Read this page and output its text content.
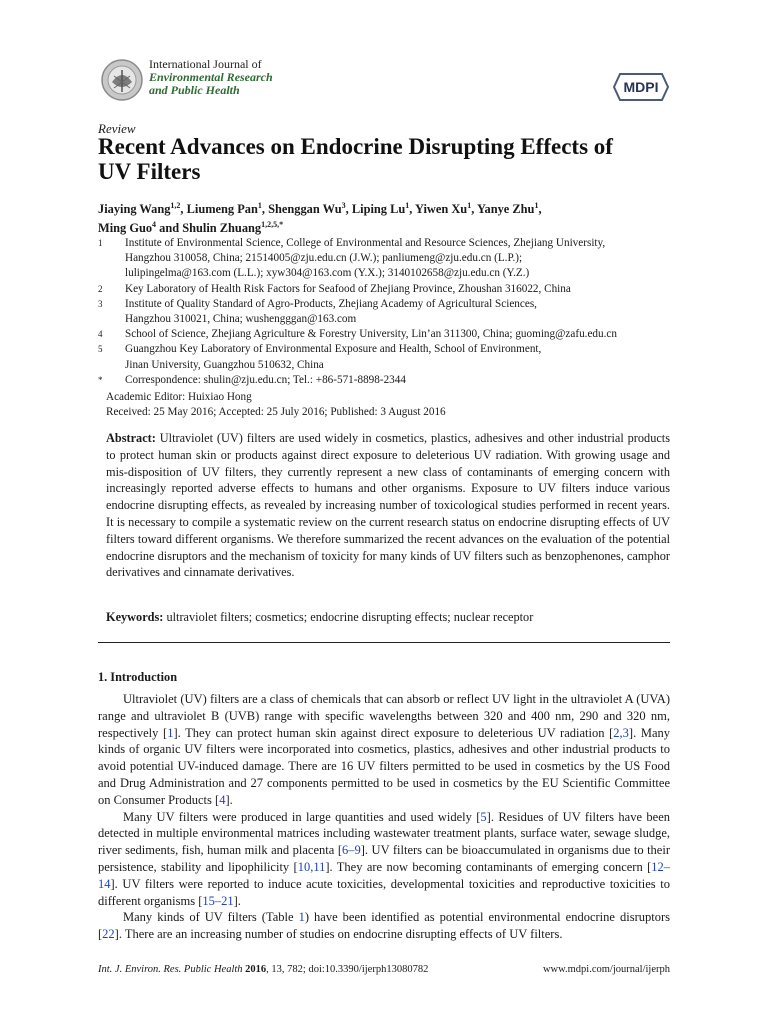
International Journal of
Environmental Research
and Public Health	MDPI
Review
Recent Advances on Endocrine Disrupting Effects of
UV Filters
Jiaying Wang$^{1,2}$, Liumeng Pan$^1$, Shenggan Wu$^3$, Liping Lu$^1$, Yiwen Xu$^1$, Yanye Zhu$^1$,
Ming Guo$^4$ and Shulin Zhuang$^{1,2,5,*}$
1	Institute of Environmental Science, College of Environmental and Resource Sciences, Zhejiang University,
Hangzhou 310058, China; 21514005@zju.edu.cn (J.W.); panliumeng@zju.edu.cn (L.P.);
lulipingelma@163.com (L.L.); xyw304@163.com (Y.X.); 3140102658@zju.edu.cn (Y.Z.)
2	Key Laboratory of Health Risk Factors for Seafood of Zhejiang Province, Zhoushan 316022, China
3	Institute of Quality Standard of Agro-Products, Zhejiang Academy of Agricultural Sciences,
Hangzhou 310021, China; wushengggan@163.com
4	School of Science, Zhejiang Agriculture & Forestry University, Lin’an 311300, China; guoming@zafu.edu.cn
5	Guangzhou Key Laboratory of Environmental Exposure and Health, School of Environment,
Jinan University, Guangzhou 510632, China
*	Correspondence: shulin@zju.edu.cn; Tel.: +86-571-8898-2344
Academic Editor: Huixiao Hong
Received: 25 May 2016; Accepted: 25 July 2016; Published: 3 August 2016
Abstract: Ultraviolet (UV) filters are used widely in cosmetics, plastics, adhesives and other industrial products to protect human skin or products against direct exposure to deleterious UV radiation. With growing usage and mis-disposition of UV filters, they currently represent a new class of contaminants of emerging concern with increasingly reported adverse effects to humans and other organisms. Exposure to UV filters induce various endocrine disrupting effects, as revealed by increasing number of toxicological studies performed in recent years. It is necessary to compile a systematic review on the current research status on endocrine disrupting effects of UV filters toward different organisms. We therefore summarized the recent advances on the evaluation of the potential endocrine disruptors and the mechanism of toxicity for many kinds of UV filters such as benzophenones, camphor derivatives and cinnamate derivatives.
Keywords: ultraviolet filters; cosmetics; endocrine disrupting effects; nuclear receptor
1. Introduction

Ultraviolet (UV) filters are a class of chemicals that can absorb or reflect UV light in the ultraviolet A (UVA) range and ultraviolet B (UVB) range with specific wavelengths between 320 and 400 nm, 290 and 320 nm, respectively [1]. They can protect human skin against direct exposure to deleterious UV radiation [2,3]. Many kinds of organic UV filters were incorporated into cosmetics, plastics, adhesives and other industrial products to avoid potential UV-induced damage. There are 16 UV filters permitted to be used in cosmetics by the US Food and Drug Administration and 27 components permitted to be used in cosmetics by the EU Scientific Committee on Consumer Products [4].

Many UV filters were produced in large quantities and used widely [5]. Residues of UV filters have been detected in multiple environmental matrices including wastewater treatment plants, surface water, sewage sludge, river sediments, fish, human milk and placenta [6–9]. UV filters can be bioaccumulated in organisms due to their persistence, stability and lipophilicity [10,11]. They are now becoming contaminants of emerging concern [12–14]. UV filters were reported to induce acute toxicities, developmental toxicities and reproductive toxicities to different organisms [15–21].

Many kinds of UV filters (Table 1) have been identified as potential environmental endocrine disruptors [22]. There are an increasing number of studies on endocrine disrupting effects of UV filters.

Int. J. Environ. Res. Public Health 2016, 13, 782; doi:10.3390/ijerph13080782	www.mdpi.com/journal/ijerph
